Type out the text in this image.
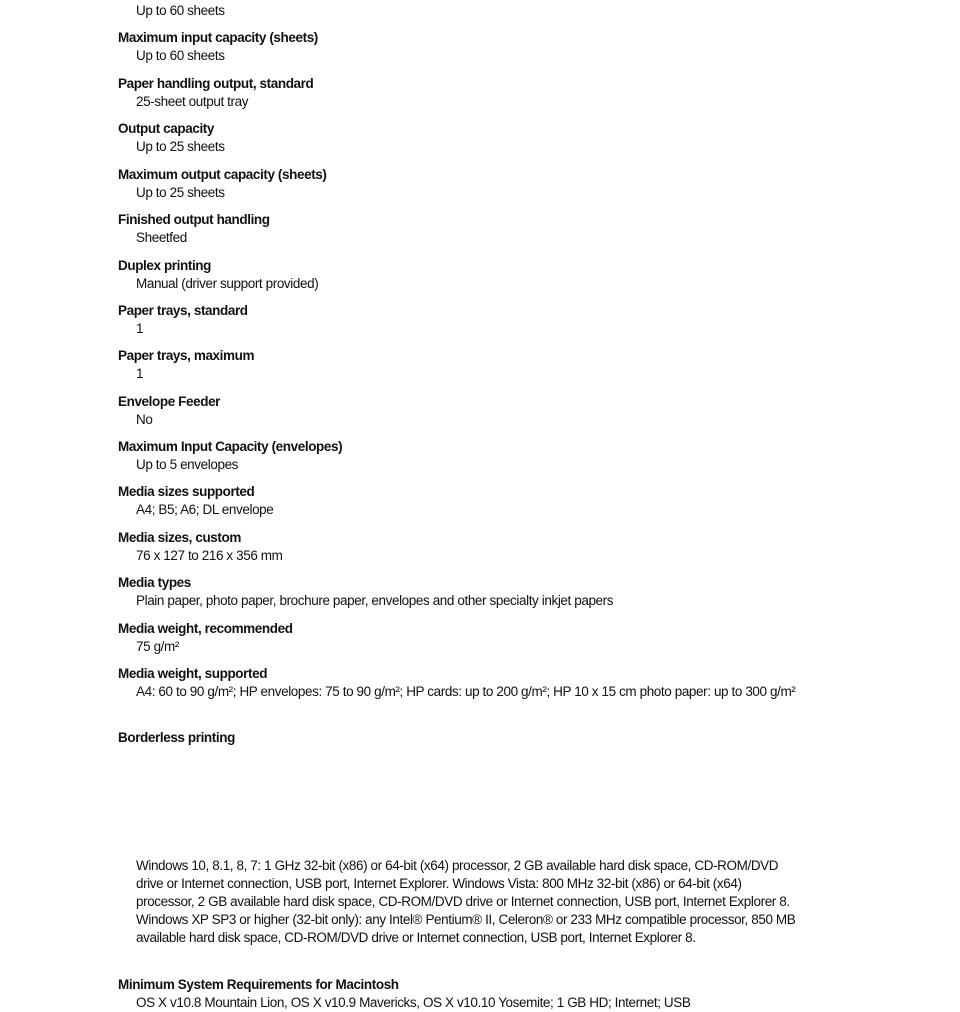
Up to 60 sheets
Maximum input capacity (sheets)
Up to 60 sheets
Paper handling output, standard
25-sheet output tray
Output capacity
Up to 25 sheets
Maximum output capacity (sheets)
Up to 25 sheets
Finished output handling
Sheetfed
Duplex printing
Manual (driver support provided)
Paper trays, standard
1
Paper trays, maximum
1
Envelope Feeder
No
Maximum Input Capacity (envelopes)
Up to 5 envelopes
Media sizes supported
A4; B5; A6; DL envelope
Media sizes, custom
76 x 127 to 216 x 356 mm
Media types
Plain paper, photo paper, brochure paper, envelopes and other specialty inkjet papers
Media weight, recommended
75 g/m²
Media weight, supported
A4: 60 to 90 g/m²; HP envelopes: 75 to 90 g/m²; HP cards: up to 200 g/m²; HP 10 x 15 cm photo paper: up to 300 g/m²
Borderless printing
Windows 10, 8.1, 8, 7: 1 GHz 32-bit (x86) or 64-bit (x64) processor, 2 GB available hard disk space, CD-ROM/DVD drive or Internet connection, USB port, Internet Explorer. Windows Vista: 800 MHz 32-bit (x86) or 64-bit (x64) processor, 2 GB available hard disk space, CD-ROM/DVD drive or Internet connection, USB port, Internet Explorer 8. Windows XP SP3 or higher (32-bit only): any Intel® Pentium® II, Celeron® or 233 MHz compatible processor, 850 MB available hard disk space, CD-ROM/DVD drive or Internet connection, USB port, Internet Explorer 8.
Minimum System Requirements for Macintosh
OS X v10.8 Mountain Lion, OS X v10.9 Mavericks, OS X v10.10 Yosemite; 1 GB HD; Internet; USB
